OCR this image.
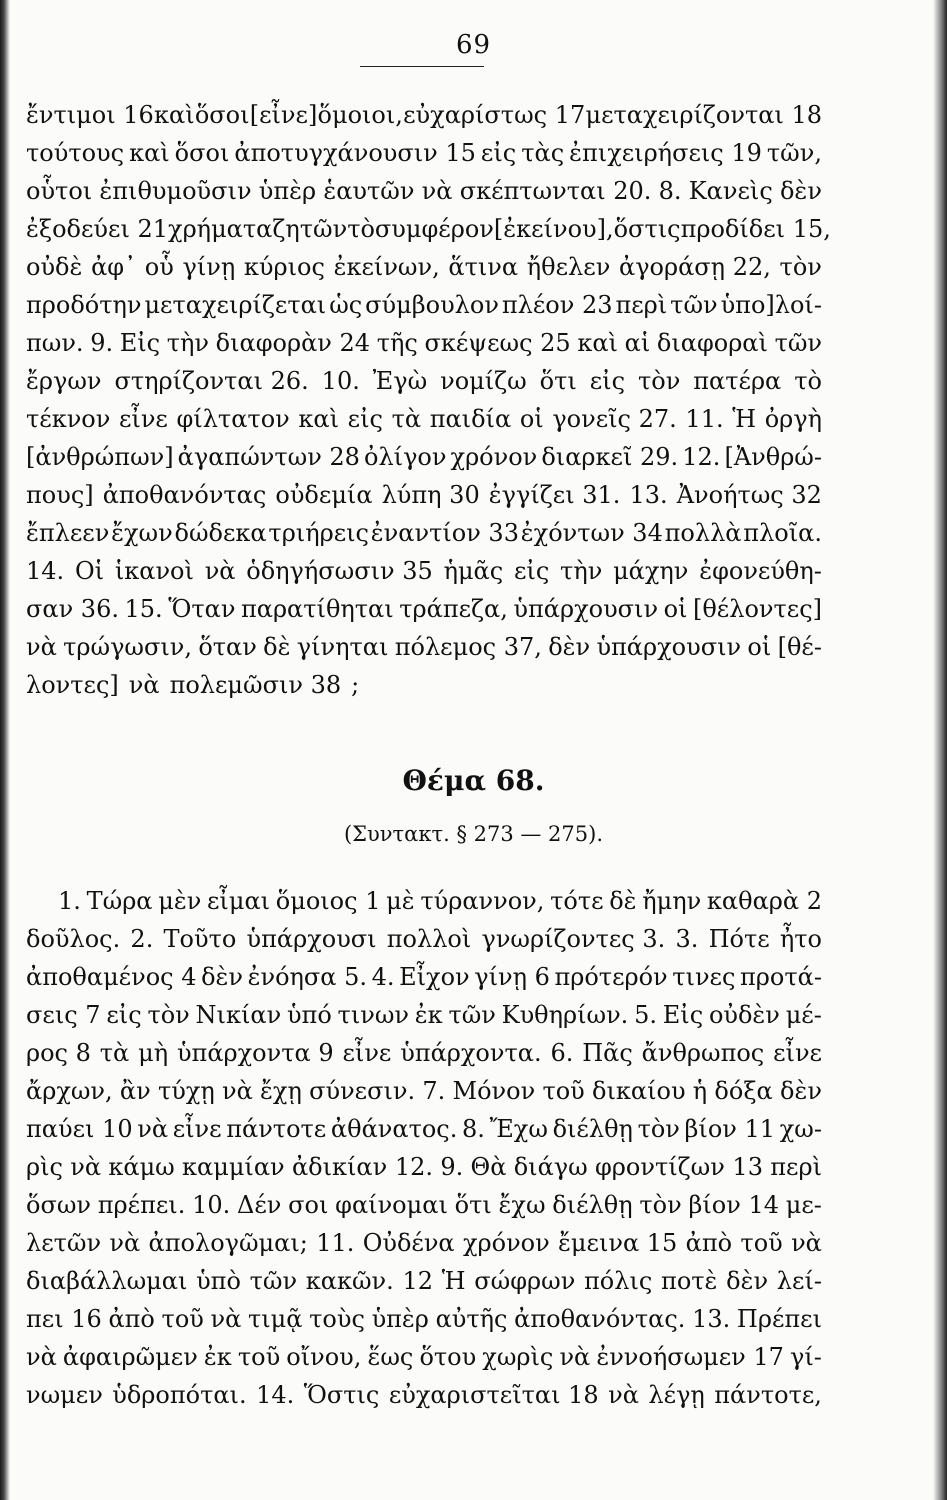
69
ἔντιμοι 16 καὶ ὅσοι [εἶνε] ὅμοιοι, εὐχαρίστως 17 μεταχειρίζονται 18
τούτους καὶ ὅσοι ἀποτυγχάνουσιν 15 εἰς τὰς ἐπιχειρήσεις 19 τῶν,
οὗτοι ἐπιθυμοῦσιν ὑπὲρ ἑαυτῶν νὰ σκέπτωνται 20. 8. Κανεὶς δὲν
ἐξοδεύει 21 χρήματα ζητῶν τὸ συμφέρον [ἐκείνου], ὅστις προδίδει 15,
οὐδὲ ἀφ᾽ οὗ γίνῃ κύριος ἐκείνων, ἅτινα ἤθελεν ἀγοράσῃ 22, τὸν
προδότην μεταχειρίζεται ὡς σύμβουλον πλέον 23 περὶ τῶν ὑπο]λοί-
πων. 9. Εἰς τὴν διαφορὰν 24 τῆς σκέψεως 25 καὶ αἱ διαφοραὶ τῶν
ἔργων στηρίζονται 26. 10. Ἐγὼ νομίζω ὅτι εἰς τὸν πατέρα τὸ
τέκνον εἶνε φίλτατον καὶ εἰς τὰ παιδία οἱ γονεῖς 27. 11. Ἡ ὀργὴ
[ἀνθρώπων] ἀγαπώντων 28 ὀλίγον χρόνον διαρκεῖ 29. 12. [Ἀνθρώ-
πους] ἀποθανόντας οὐδεμία λύπη 30 ἐγγίζει 31. 13. Ἀνοήτως 32
ἔπλεεν ἔχων δώδεκα τριήρεις ἐναντίον 33 ἐχόντων 34 πολλὰ πλοῖα.
14. Οἱ ἱκανοὶ νὰ ὁδηγήσωσιν 35 ἡμᾶς εἰς τὴν μάχην ἐφονεύθη-
σαν 36. 15. Ὅταν παρατίθηται τράπεζα, ὑπάρχουσιν οἱ [θέλοντες]
νὰ τρώγωσιν, ὅταν δὲ γίνηται πόλεμος 37, δὲν ὑπάρχουσιν οἱ [θέ-
λοντες] νὰ πολεμῶσιν 38 ;
Θέμα 68.
(Συντακτ. § 273 — 275).
1. Τώρα μὲν εἶμαι ὅμοιος 1 μὲ τύραννον, τότε δὲ ἤμην καθαρὰ 2
δοῦλος. 2. Τοῦτο ὑπάρχουσι πολλοὶ γνωρίζοντες 3. 3. Πότε ἦτο
ἀποθαμένος 4 δὲν ἐνόησα 5. 4. Εἶχον γίνῃ 6 πρότερόν τινες προτά-
σεις 7 εἰς τὸν Νικίαν ὑπό τινων ἐκ τῶν Κυθηρίων. 5. Εἰς οὐδὲν μέ-
ρος 8 τὰ μὴ ὑπάρχοντα 9 εἶνε ὑπάρχοντα. 6. Πᾶς ἄνθρωπος εἶνε
ἄρχων, ἂν τύχῃ νὰ ἔχῃ σύνεσιν. 7. Μόνον τοῦ δικαίου ἡ δόξα δὲν
παύει 10 νὰ εἶνε πάντοτε ἀθάνατος. 8. Ἔχω διέλθῃ τὸν βίον 11 χω-
ρὶς νὰ κάμω καμμίαν ἀδικίαν 12. 9. Θὰ διάγω φροντίζων 13 περὶ
ὅσων πρέπει. 10. Δέν σοι φαίνομαι ὅτι ἔχω διέλθῃ τὸν βίον 14 με-
λετῶν νὰ ἀπολογῶμαι; 11. Οὐδένα χρόνον ἔμεινα 15 ἀπὸ τοῦ νὰ
διαβάλλωμαι ὑπὸ τῶν κακῶν. 12 Ἡ σώφρων πόλις ποτὲ δὲν λεί-
πει 16 ἀπὸ τοῦ νὰ τιμᾷ τοὺς ὑπὲρ αὐτῆς ἀποθανόντας. 13. Πρέπει
νὰ ἀφαιρῶμεν ἐκ τοῦ οἴνου, ἕως ὅτου χωρὶς νὰ ἐννοήσωμεν 17 γί-
νωμεν ὑδροπόται. 14. Ὅστις εὐχαριστεῖται 18 νὰ λέγῃ πάντοτε,
